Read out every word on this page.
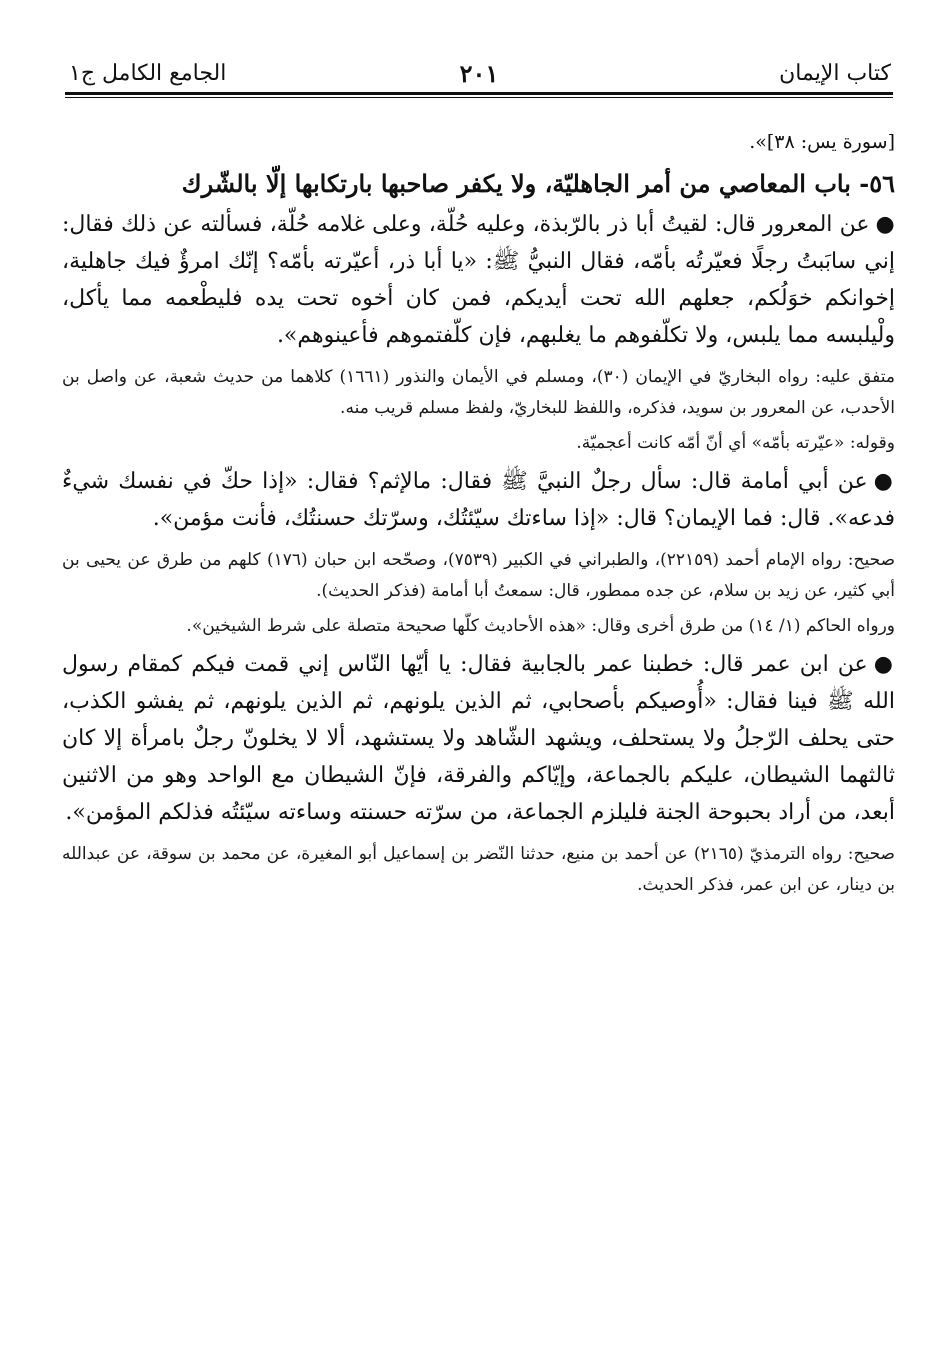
كتاب الإيمان
٢٠١
الجامع الكامل ج١

[سورة يس: ٣٨]».

٥٦- باب المعاصي من أمر الجاهليّة، ولا يكفر صاحبها بارتكابها إلّا بالشّرك

●عن المعرور قال: لقيتُ أبا ذر بالرّبذة، وعليه حُلّة، وعلى غلامه حُلّة، فسألته عن ذلك فقال: إني سابَبتُ رجلًا فعيّرتُه بأمّه، فقال النبيُّ ﷺ: «يا أبا ذر، أعيّرته بأمّه؟ إنّك امرؤٌ فيك جاهلية، إخوانكم خوَلُكم، جعلهم الله تحت أيديكم، فمن كان أخوه تحت يده فليطْعمه مما يأكل، ولْيلبسه مما يلبس، ولا تكلّفوهم ما يغلبهم، فإن كلّفتموهم فأعينوهم».

متفق عليه: رواه البخاريّ في الإيمان (٣٠)، ومسلم في الأيمان والنذور (١٦٦١) كلاهما من حديث شعبة، عن واصل بن الأحدب، عن المعرور بن سويد، فذكره، واللفظ للبخاريّ، ولفظ مسلم قريب منه.

وقوله: «عيّرته بأمّه» أي أنّ أمّه كانت أعجميّة.

●عن أبي أمامة قال: سأل رجلٌ النبيَّ ﷺ فقال: مالإثم؟ فقال: «إذا حكّ في نفسك شيءٌ فدعه». قال: فما الإيمان؟ قال: «إذا ساءتك سيّئتُك، وسرّتك حسنتُك، فأنت مؤمن».

صحيح: رواه الإمام أحمد (٢٢١٥٩)، والطبراني في الكبير (٧٥٣٩)، وصحّحه ابن حبان (١٧٦) كلهم من طرق عن يحيى بن أبي كثير، عن زيد بن سلام، عن جده ممطور، قال: سمعتُ أبا أمامة (فذكر الحديث).

ورواه الحاكم (١/ ١٤) من طرق أخرى وقال: «هذه الأحاديث كلّها صحيحة متصلة على شرط الشيخين».

●عن ابن عمر قال: خطبنا عمر بالجابية فقال: يا أيّها النّاس إني قمت فيكم كمقام رسول الله ﷺ فينا فقال: «أُوصيكم بأصحابي، ثم الذين يلونهم، ثم الذين يلونهم، ثم يفشو الكذب، حتى يحلف الرّجلُ ولا يستحلف، ويشهد الشّاهد ولا يستشهد، ألا لا يخلونّ رجلٌ بامرأة إلا كان ثالثهما الشيطان، عليكم بالجماعة، وإيّاكم والفرقة، فإنّ الشيطان مع الواحد وهو من الاثنين أبعد، من أراد بحبوحة الجنة فليلزم الجماعة، من سرّته حسنته وساءته سيّئتُه فذلكم المؤمن».

صحيح: رواه الترمذيّ (٢١٦٥) عن أحمد بن منيع، حدثنا النّضر بن إسماعيل أبو المغيرة، عن محمد بن سوقة، عن عبدالله بن دينار، عن ابن عمر، فذكر الحديث.
